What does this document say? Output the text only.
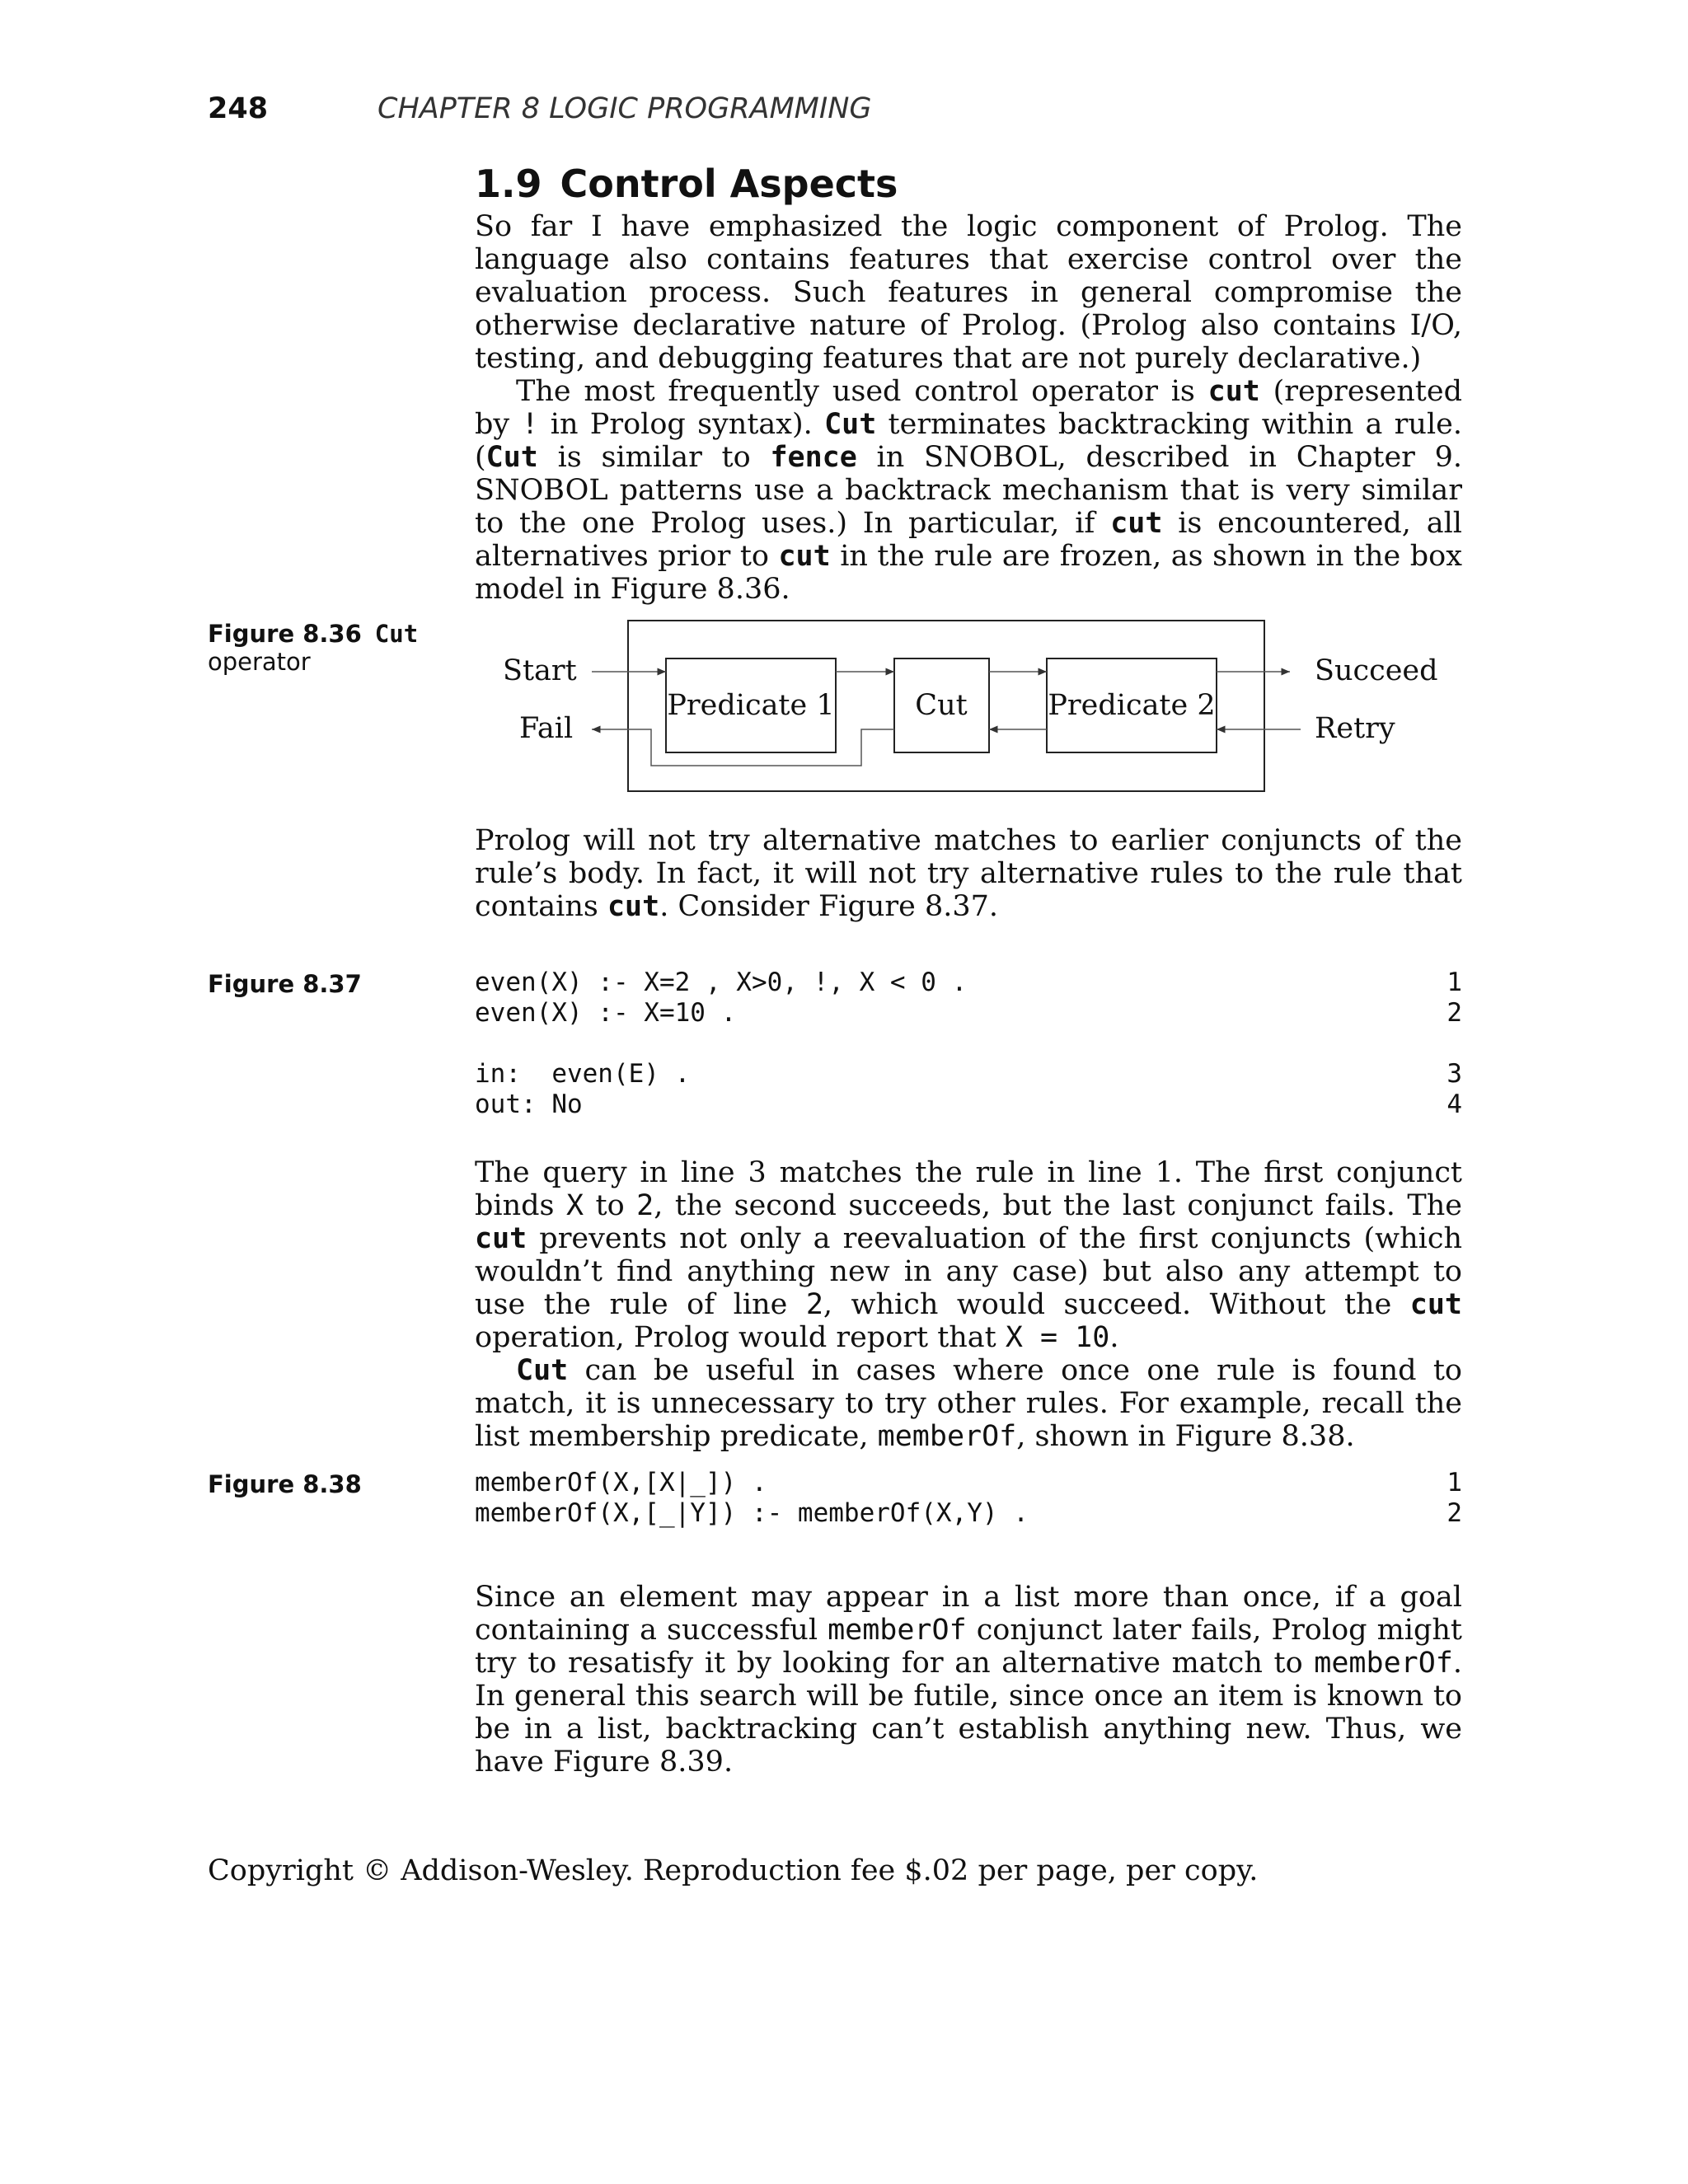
248	CHAPTER 8 LOGIC PROGRAMMING
1.9 Control Aspects

So far I have emphasized the logic component of Prolog. The language also contains features that exercise control over the evaluation process. Such features in general compromise the otherwise declarative nature of Prolog. (Prolog also contains I/O, testing, and debugging features that are not purely declarative.)

The most frequently used control operator is cut (represented by ! in Prolog syntax). Cut terminates backtracking within a rule. (Cut is similar to fence in SNOBOL, described in Chapter 9. SNOBOL patterns use a backtrack mechanism that is very similar to the one Prolog uses.) In particular, if cut is encountered, all alternatives prior to cut in the rule are frozen, as shown in the box model in Figure 8.36.

Figure 8.36 Cut
operator	Start
Fail
Predicate 1	Cut	Predicate 2
Succeed
Retry

Prolog will not try alternative matches to earlier conjuncts of the rule’s body. In fact, it will not try alternative rules to the rule that contains cut. Consider Figure 8.37.

Figure 8.37	even(X) :- X=2 , X>0, !, X < 0 .	1
even(X) :- X=10 .	2
in:  even(E) .	3
out: No	4

The query in line 3 matches the rule in line 1. The first conjunct binds X to 2, the second succeeds, but the last conjunct fails. The cut prevents not only a reevaluation of the first conjuncts (which wouldn’t find anything new in any case) but also any attempt to use the rule of line 2, which would succeed. Without the cut operation, Prolog would report that X = 10.

Cut can be useful in cases where once one rule is found to match, it is unnecessary to try other rules. For example, recall the list membership predicate, memberOf, shown in Figure 8.38.

Figure 8.38	memberOf(X,[X|_]) .	1
memberOf(X,[_|Y]) :- memberOf(X,Y) .	2

Since an element may appear in a list more than once, if a goal containing a successful memberOf conjunct later fails, Prolog might try to resatisfy it by looking for an alternative match to memberOf. In general this search will be futile, since once an item is known to be in a list, backtracking can’t establish anything new. Thus, we have Figure 8.39.

Copyright © Addison-Wesley. Reproduction fee $.02 per page, per copy.
